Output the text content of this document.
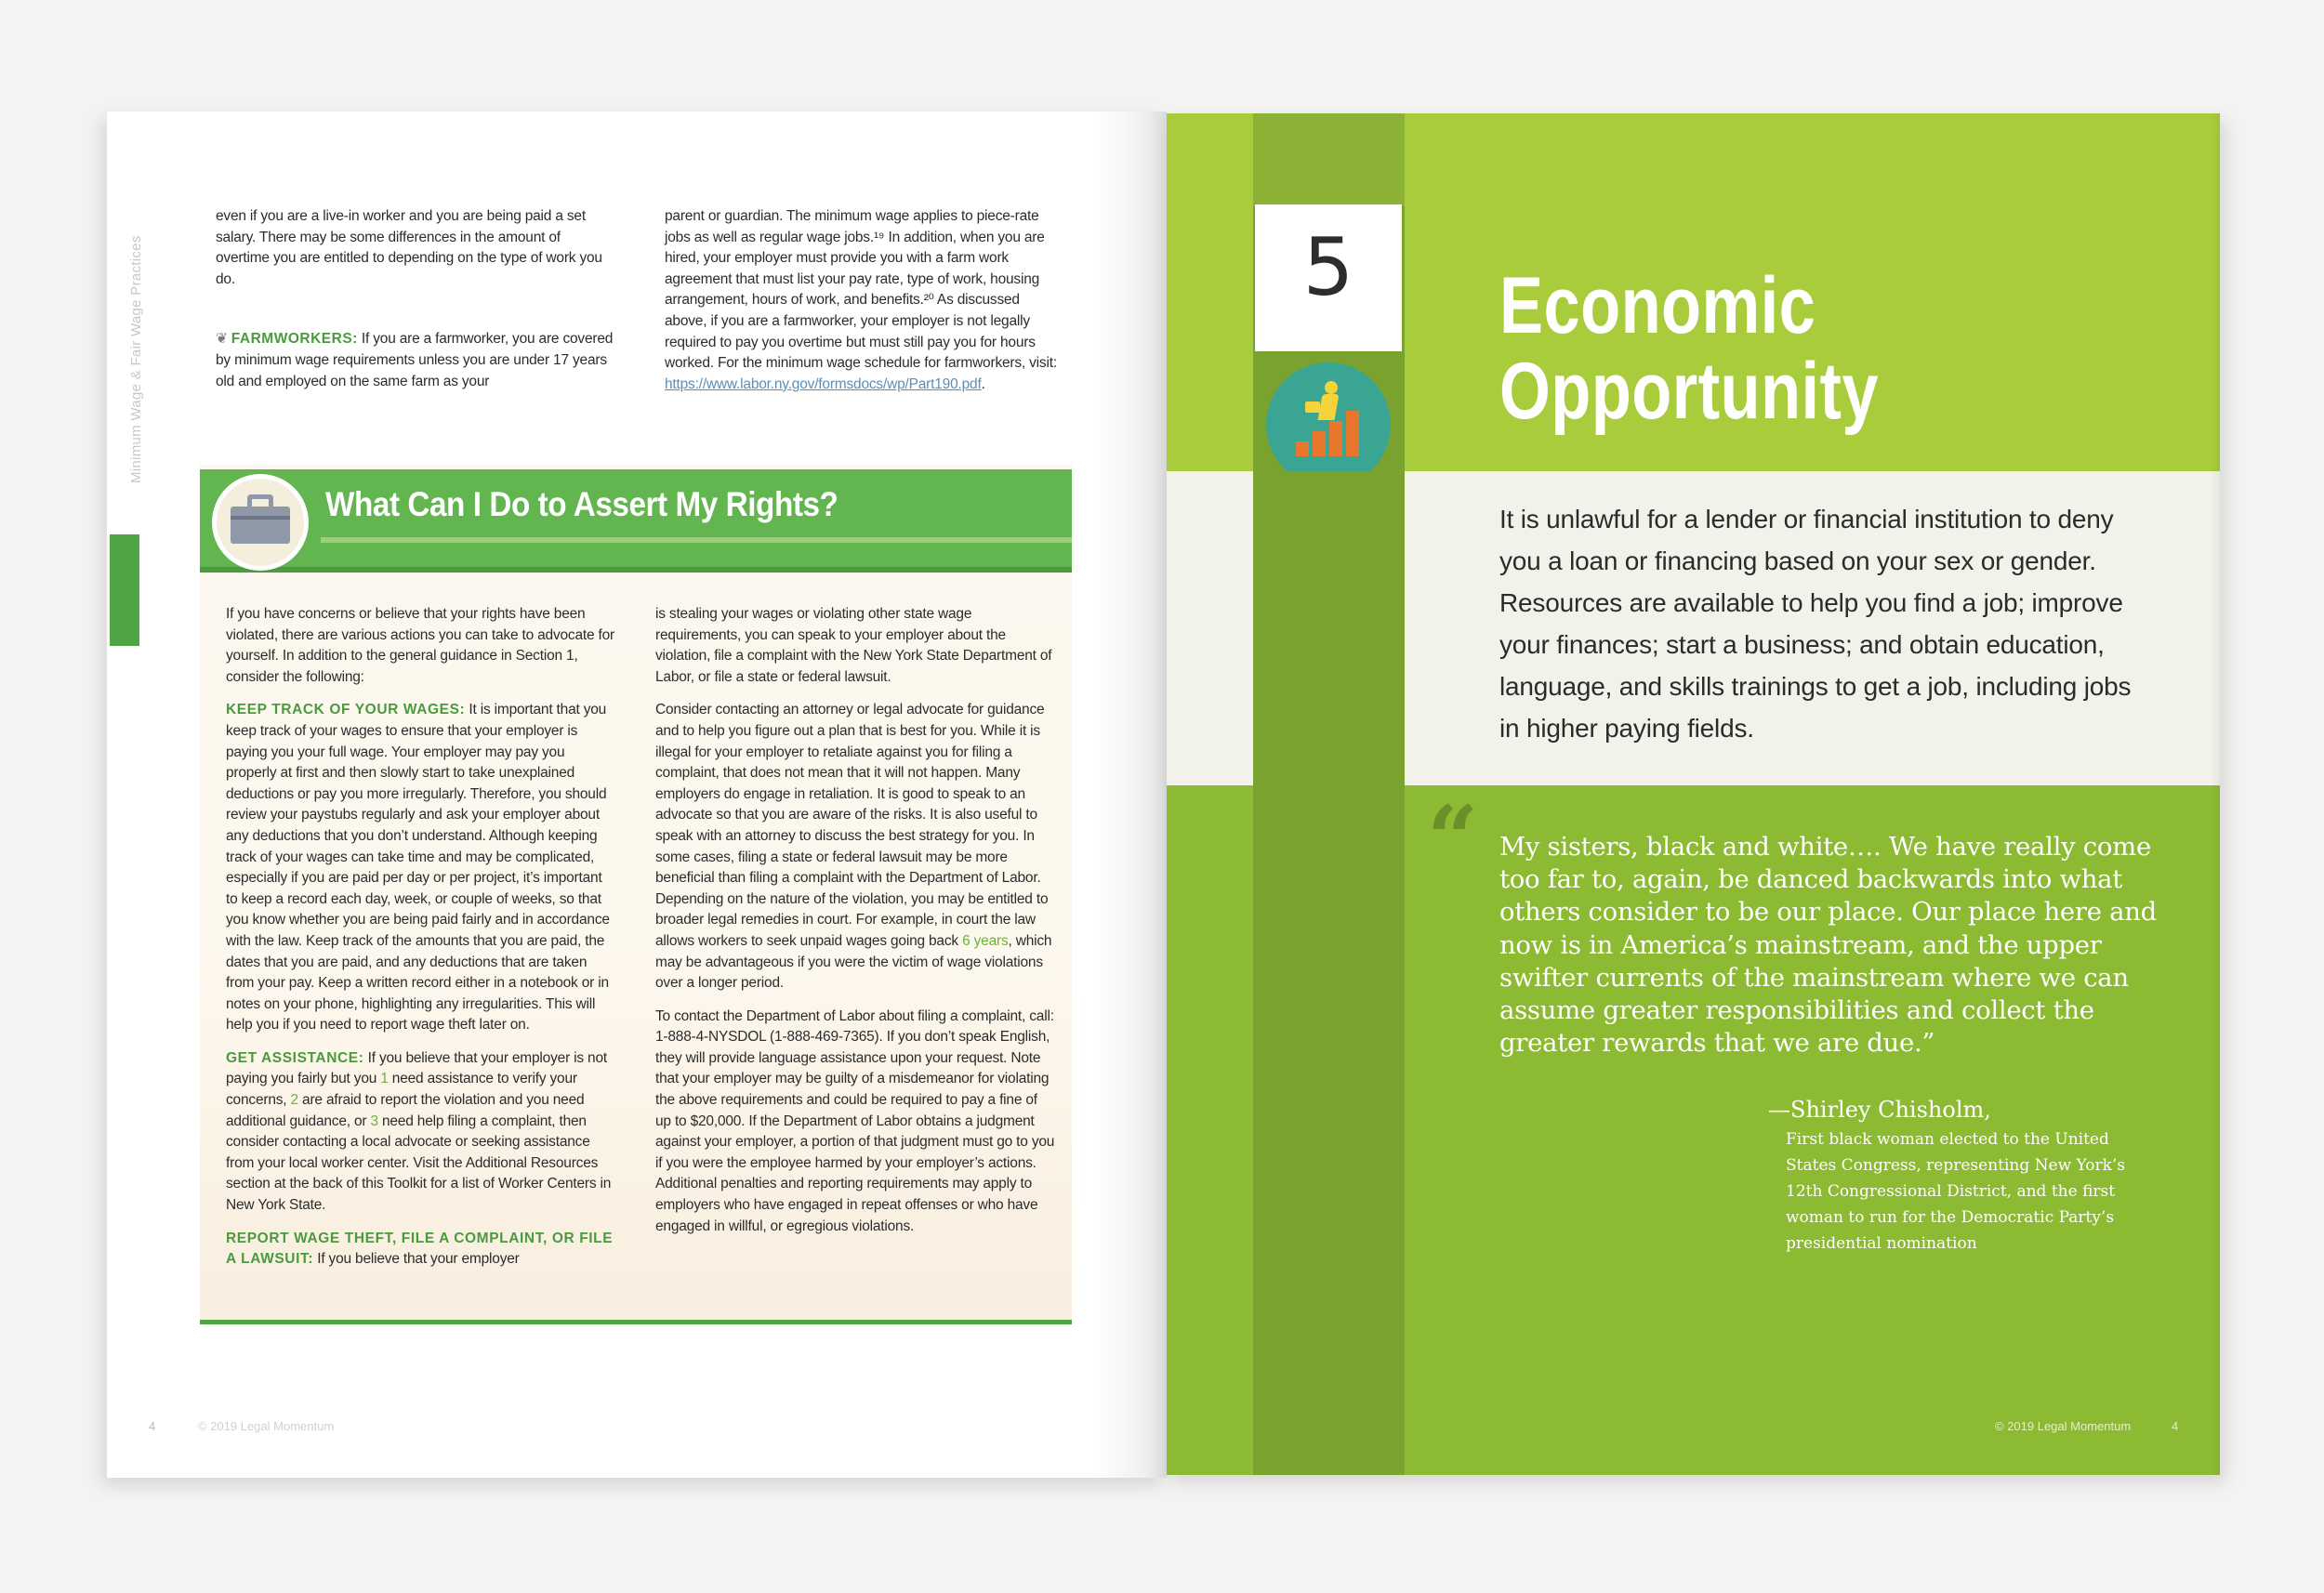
Minimum Wage & Fair Wage Practices

even if you are a live-in worker and you are being paid a set salary. There may be some differences in the amount of overtime you are entitled to depending on the type of work you do.

❦ FARMWORKERS: If you are a farmworker, you are covered by minimum wage requirements unless you are under 17 years old and employed on the same farm as your

parent or guardian. The minimum wage applies to piece-rate jobs as well as regular wage jobs.¹⁹ In addition, when you are hired, your employer must provide you with a farm work agreement that must list your pay rate, type of work, housing arrangement, hours of work, and benefits.²⁰ As discussed above, if you are a farmworker, your employer is not legally required to pay you overtime but must still pay you for hours worked. For the minimum wage schedule for farmworkers, visit: https://www.labor.ny.gov/formsdocs/wp/Part190.pdf.
What Can I Do to Assert My Rights?

If you have concerns or believe that your rights have been violated, there are various actions you can take to advocate for yourself. In addition to the general guidance in Section 1, consider the following:

KEEP TRACK OF YOUR WAGES: It is important that you keep track of your wages to ensure that your employer is paying you your full wage. Your employer may pay you properly at first and then slowly start to take unexplained deductions or pay you more irregularly. Therefore, you should review your paystubs regularly and ask your employer about any deductions that you don’t understand. Although keeping track of your wages can take time and may be complicated, especially if you are paid per day or per project, it’s important to keep a record each day, week, or couple of weeks, so that you know whether you are being paid fairly and in accordance with the law. Keep track of the amounts that you are paid, the dates that you are paid, and any deductions that are taken from your pay. Keep a written record either in a notebook or in notes on your phone, highlighting any irregularities. This will help you if you need to report wage theft later on.

GET ASSISTANCE: If you believe that your employer is not paying you fairly but you 1 need assistance to verify your concerns, 2 are afraid to report the violation and you need additional guidance, or 3 need help filing a complaint, then consider contacting a local advocate or seeking assistance from your local worker center. Visit the Additional Resources section at the back of this Toolkit for a list of Worker Centers in New York State.

REPORT WAGE THEFT, FILE A COMPLAINT, OR FILE A LAWSUIT: If you believe that your employer

is stealing your wages or violating other state wage requirements, you can speak to your employer about the violation, file a complaint with the New York State Department of Labor, or file a state or federal lawsuit.

Consider contacting an attorney or legal advocate for guidance and to help you figure out a plan that is best for you. While it is illegal for your employer to retaliate against you for filing a complaint, that does not mean that it will not happen. Many employers do engage in retaliation. It is good to speak to an advocate so that you are aware of the risks. It is also useful to speak with an attorney to discuss the best strategy for you. In some cases, filing a state or federal lawsuit may be more beneficial than filing a complaint with the Department of Labor. Depending on the nature of the violation, you may be entitled to broader legal remedies in court. For example, in court the law allows workers to seek unpaid wages going back 6 years, which may be advantageous if you were the victim of wage violations over a longer period.

To contact the Department of Labor about filing a complaint, call: 1-888-4-NYSDOL (1-888-469-7365). If you don’t speak English, they will provide language assistance upon your request. Note that your employer may be guilty of a misdemeanor for violating the above requirements and could be required to pay a fine of up to $20,000. If the Department of Labor obtains a judgment against your employer, a portion of that judgment must go to you if you were the employee harmed by your employer’s actions. Additional penalties and reporting requirements may apply to employers who have engaged in repeat offenses or who have engaged in willful, or egregious violations.

4	© 2019 Legal Momentum
5	Economic
Opportunity
It is unlawful for a lender or financial institution to deny you a loan or financing based on your sex or gender. Resources are available to help you find a job; improve your finances; start a business; and obtain education, language, and skills trainings to get a job, including jobs in higher paying fields.
“ My sisters, black and white…. We have really come too far to, again, be danced backwards into what others consider to be our place. Our place here and now is in America’s mainstream, and the upper swifter currents of the mainstream where we can assume greater responsibilities and collect the greater rewards that we are due.”
—Shirley Chisholm,
First black woman elected to the United States Congress, representing New York’s 12th Congressional District, and the first woman to run for the Democratic Party’s presidential nomination
© 2019 Legal Momentum	4
